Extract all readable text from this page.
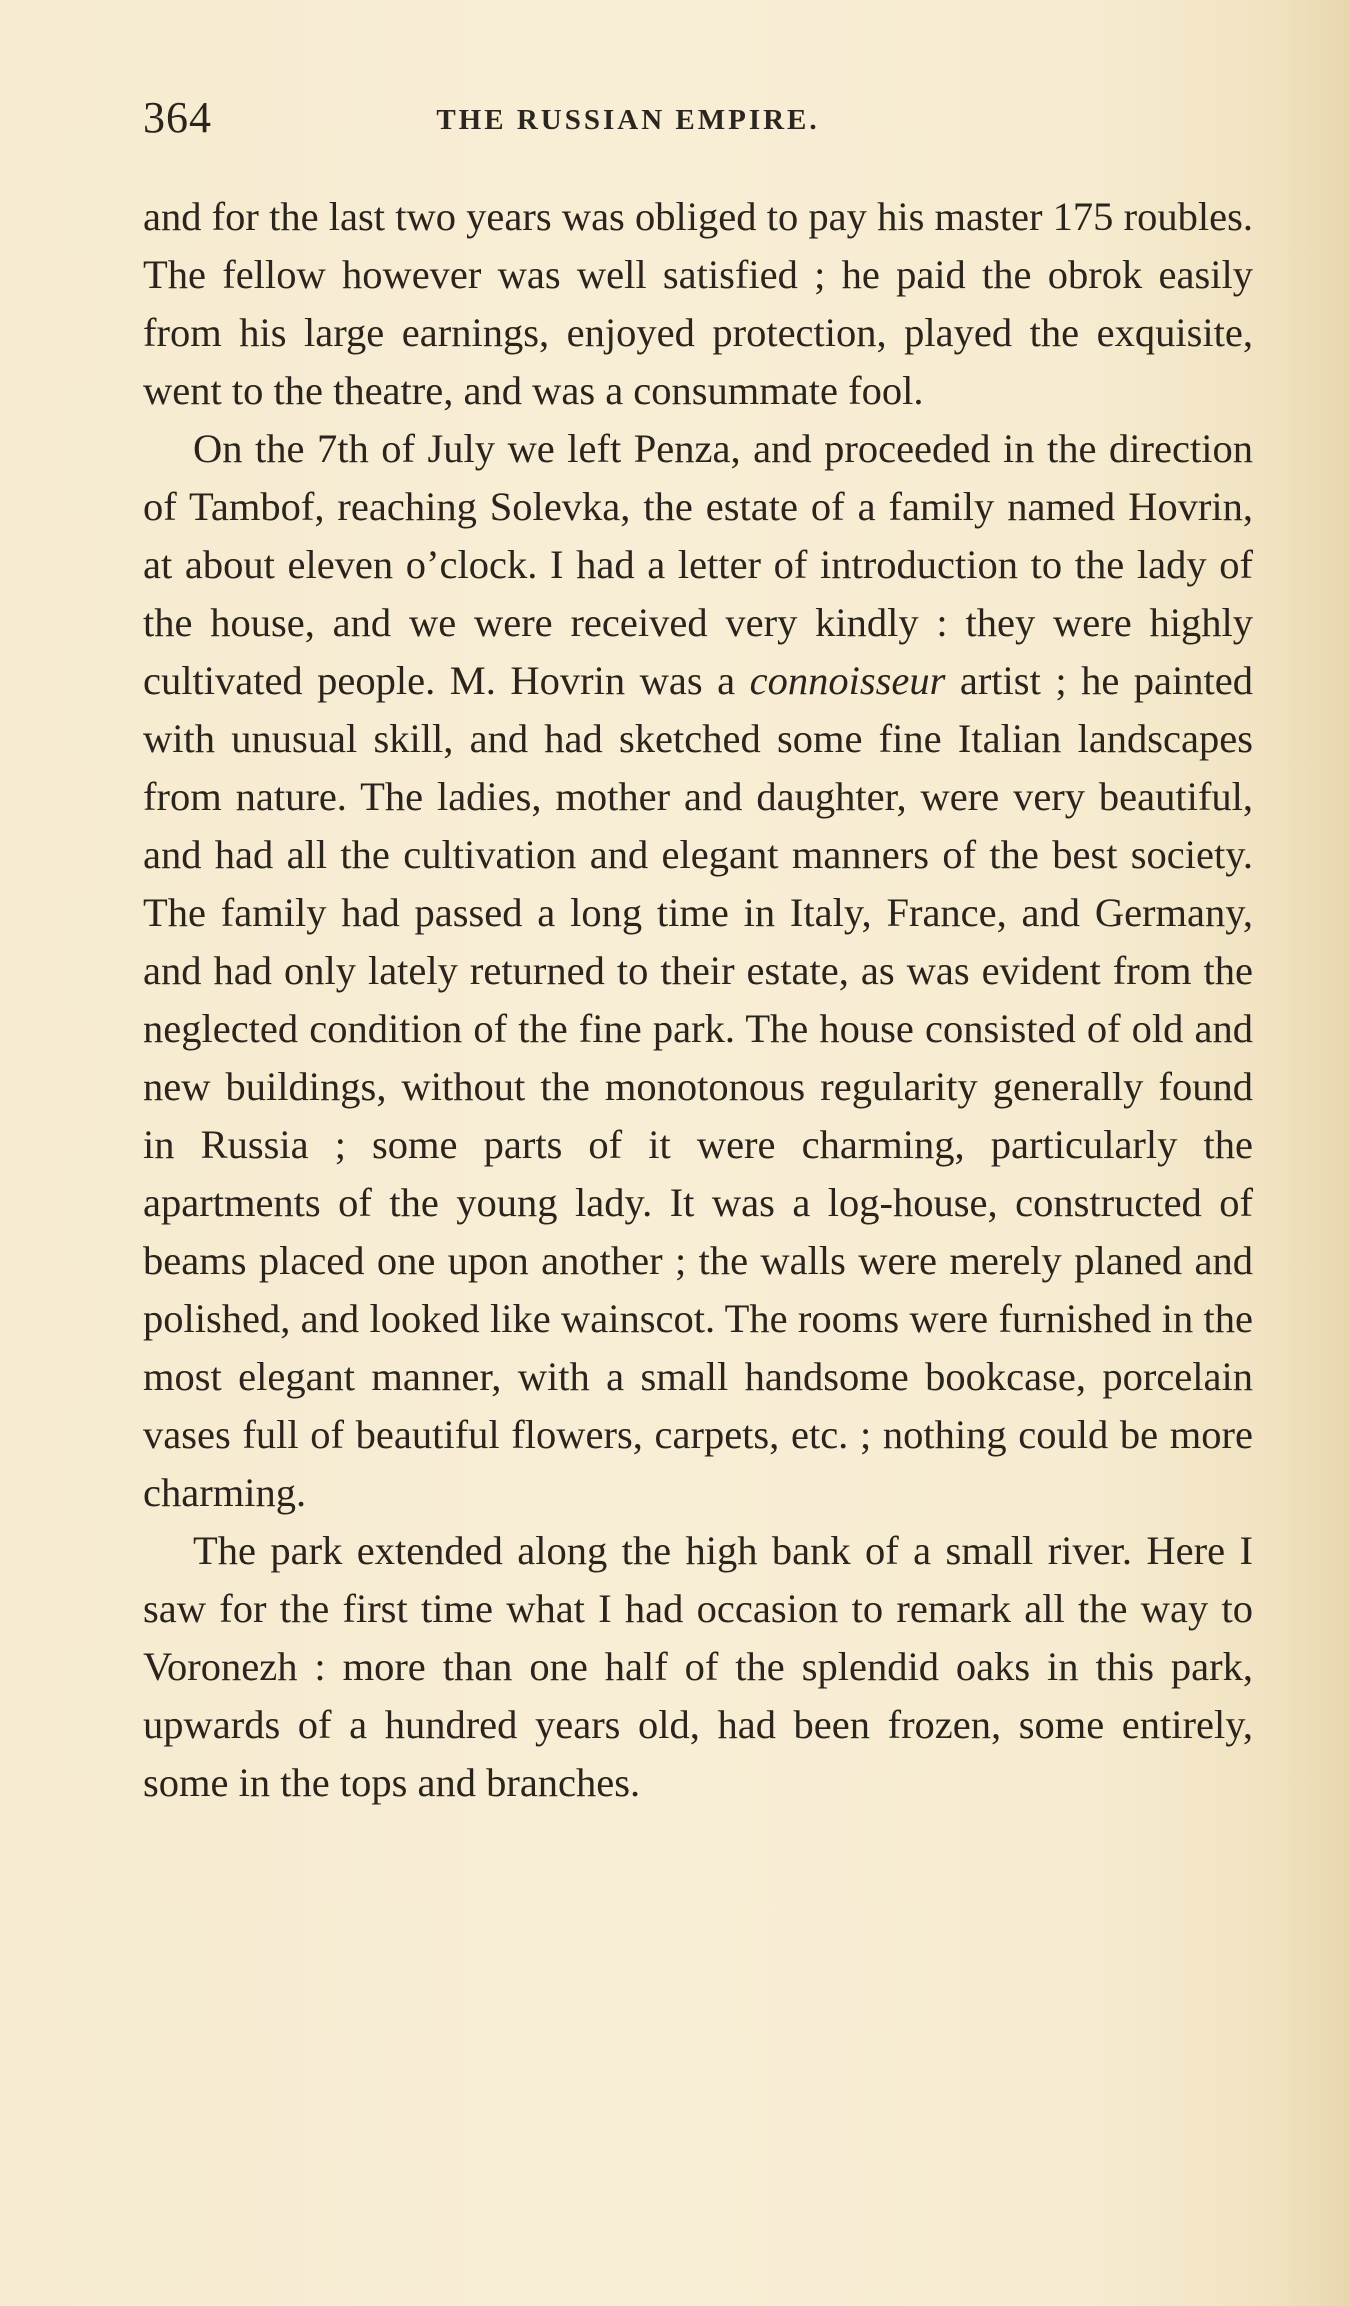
364	THE RUSSIAN EMPIRE.

and for the last two years was obliged to pay his master 175 roubles. The fellow however was well satisfied ; he paid the obrok easily from his large earnings, enjoyed protection, played the exquisite, went to the theatre, and was a consummate fool.

On the 7th of July we left Penza, and proceeded in the direction of Tambof, reaching Solevka, the estate of a family named Hovrin, at about eleven o’clock. I had a letter of introduction to the lady of the house, and we were received very kindly : they were highly cultivated people. M. Hovrin was a connoisseur artist ; he painted with unusual skill, and had sketched some fine Italian landscapes from nature. The ladies, mother and daughter, were very beautiful, and had all the cultivation and elegant manners of the best society. The family had passed a long time in Italy, France, and Germany, and had only lately returned to their estate, as was evident from the neglected condition of the fine park. The house consisted of old and new buildings, without the monotonous regularity generally found in Russia ; some parts of it were charming, particularly the apartments of the young lady. It was a log-house, constructed of beams placed one upon another ; the walls were merely planed and polished, and looked like wainscot. The rooms were furnished in the most elegant manner, with a small handsome bookcase, porcelain vases full of beautiful flowers, carpets, etc. ; nothing could be more charming.

The park extended along the high bank of a small river. Here I saw for the first time what I had occasion to remark all the way to Voronezh : more than one half of the splendid oaks in this park, upwards of a hundred years old, had been frozen, some entirely, some in the tops and branches.
